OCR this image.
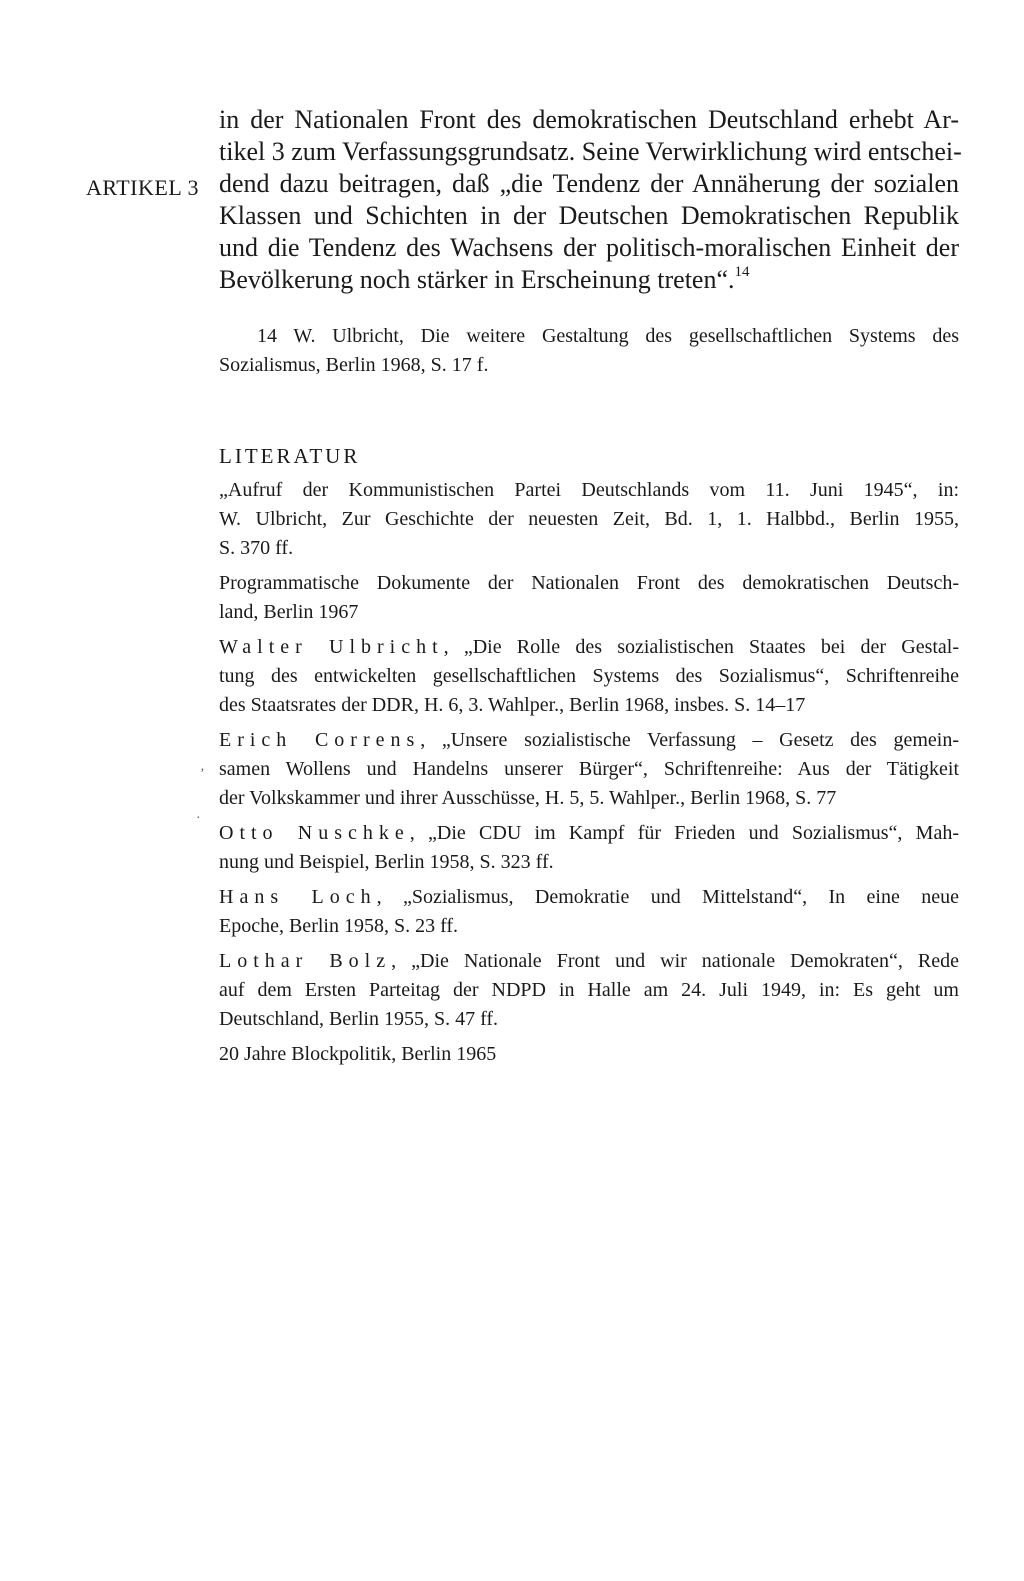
ARTIKEL 3
in der Nationalen Front des demokratischen Deutschland erhebt Ar-
tikel 3 zum Verfassungsgrundsatz. Seine Verwirklichung wird entschei-
dend dazu beitragen, daß „die Tendenz der Annäherung der sozialen
Klassen und Schichten in der Deutschen Demokratischen Republik
und die Tendenz des Wachsens der politisch-moralischen Einheit der
Bevölkerung noch stärker in Erscheinung treten“.$^{14}$
14 W. Ulbricht, Die weitere Gestaltung des gesellschaftlichen Systems des
Sozialismus, Berlin 1968, S. 17 f.
LITERATUR
„Aufruf der Kommunistischen Partei Deutschlands vom 11. Juni 1945“, in:
W. Ulbricht, Zur Geschichte der neuesten Zeit, Bd. 1, 1. Halbbd., Berlin 1955,
S. 370 ff.
Programmatische Dokumente der Nationalen Front des demokratischen Deutsch-
land, Berlin 1967
Walter Ulbricht, „Die Rolle des sozialistischen Staates bei der Gestal-
tung des entwickelten gesellschaftlichen Systems des Sozialismus“, Schriftenreihe
des Staatsrates der DDR, H. 6, 3. Wahlper., Berlin 1968, insbes. S. 14–17
Erich Correns, „Unsere sozialistische Verfassung – Gesetz des gemein-
samen Wollens und Handelns unserer Bürger“, Schriftenreihe: Aus der Tätigkeit
der Volkskammer und ihrer Ausschüsse, H. 5, 5. Wahlper., Berlin 1968, S. 77
Otto Nuschke, „Die CDU im Kampf für Frieden und Sozialismus“, Mah-
nung und Beispiel, Berlin 1958, S. 323 ff.
Hans Loch, „Sozialismus, Demokratie und Mittelstand“, In eine neue
Epoche, Berlin 1958, S. 23 ff.
Lothar Bolz, „Die Nationale Front und wir nationale Demokraten“, Rede
auf dem Ersten Parteitag der NDPD in Halle am 24. Juli 1949, in: Es geht um
Deutschland, Berlin 1955, S. 47 ff.
20 Jahre Blockpolitik, Berlin 1965
‚
·
